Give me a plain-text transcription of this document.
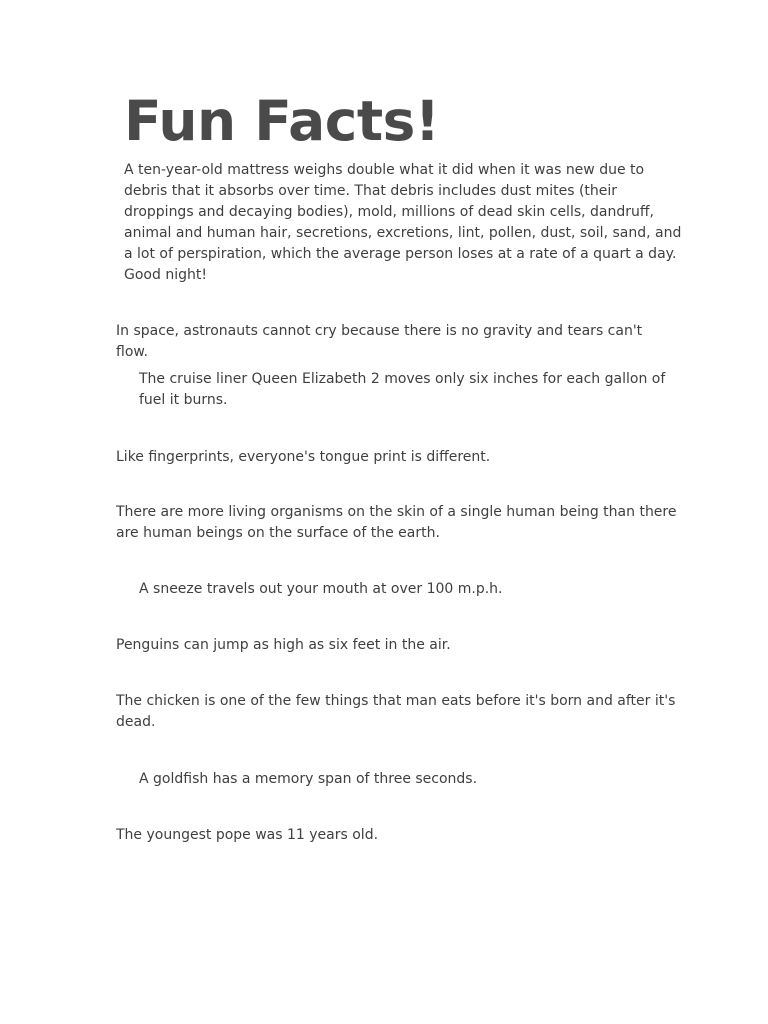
Fun Facts!

A ten-year-old mattress weighs double what it did when it was new due to debris that it absorbs over time. That debris includes dust mites (their droppings and decaying bodies), mold, millions of dead skin cells, dandruff, animal and human hair, secretions, excretions, lint, pollen, dust, soil, sand, and a lot of perspiration, which the average person loses at a rate of a quart a day. Good night!

In space, astronauts cannot cry because there is no gravity and tears can't flow.

The cruise liner Queen Elizabeth 2 moves only six inches for each gallon of fuel it burns.

Like fingerprints, everyone's tongue print is different.

There are more living organisms on the skin of a single human being than there are human beings on the surface of the earth.

A sneeze travels out your mouth at over 100 m.p.h.

Penguins can jump as high as six feet in the air.

The chicken is one of the few things that man eats before it's born and after it's dead.

A goldfish has a memory span of three seconds.

The youngest pope was 11 years old.
